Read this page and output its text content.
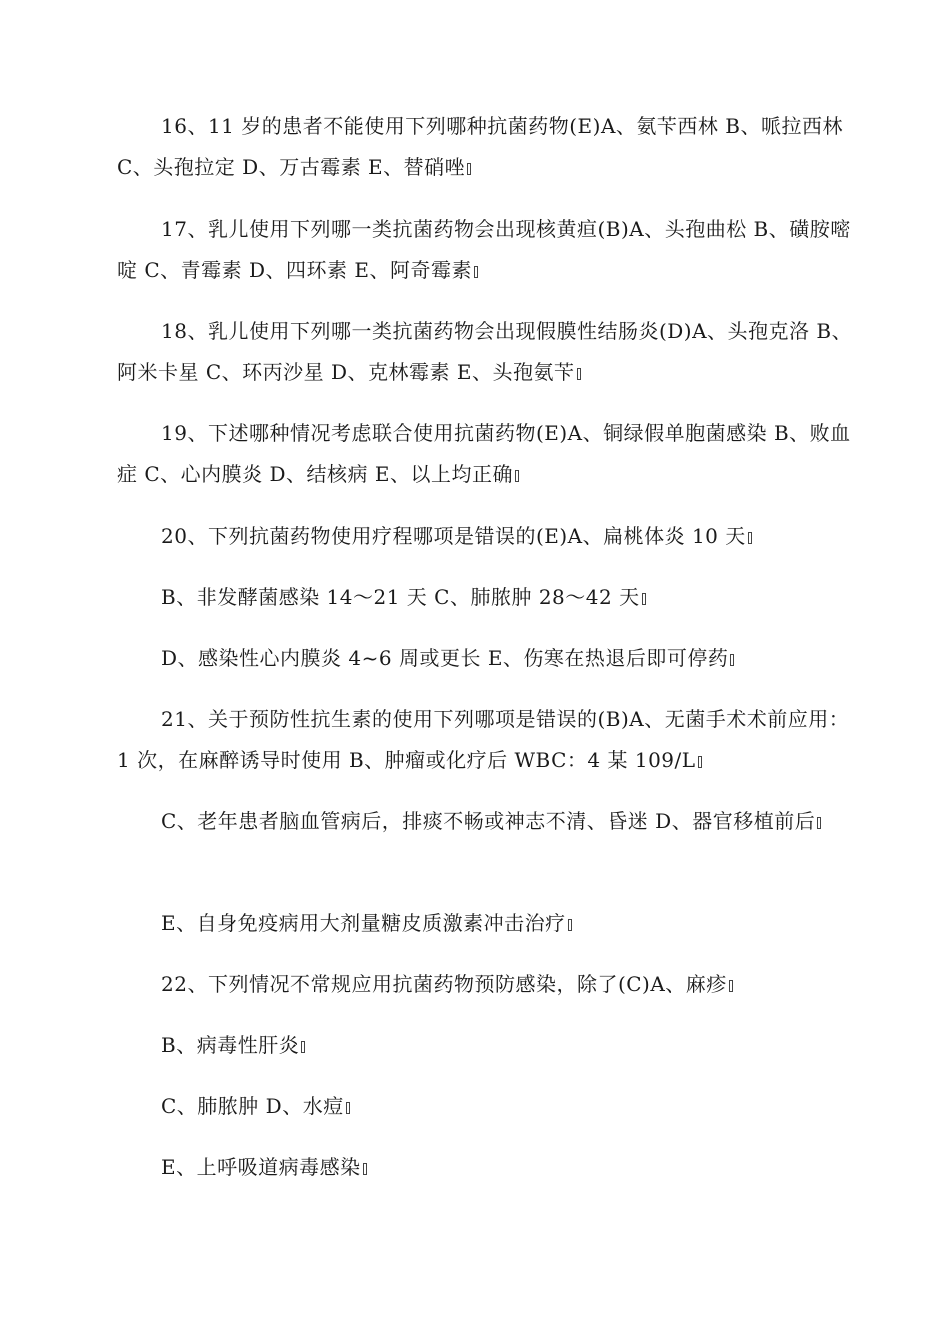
16、11 岁的患者不能使用下列哪种抗菌药物(E)A、氨苄西林 B、哌拉西林 C、头孢拉定 D、万古霉素 E、替硝唑

17、乳儿使用下列哪一类抗菌药物会出现核黄疸(B)A、头孢曲松 B、磺胺嘧啶 C、青霉素 D、四环素 E、阿奇霉素

18、乳儿使用下列哪一类抗菌药物会出现假膜性结肠炎(D)A、头孢克洛 B、阿米卡星 C、环丙沙星 D、克林霉素 E、头孢氨苄

19、下述哪种情况考虑联合使用抗菌药物(E)A、铜绿假单胞菌感染 B、败血症 C、心内膜炎 D、结核病 E、以上均正确

20、下列抗菌药物使用疗程哪项是错误的(E)A、扁桃体炎 10 天

B、非发酵菌感染 14～21 天 C、肺脓肿 28～42 天

D、感染性心内膜炎 4~6 周或更长 E、伤寒在热退后即可停药

21、关于预防性抗生素的使用下列哪项是错误的(B)A、无菌手术术前应用：1 次，在麻醉诱导时使用 B、肿瘤或化疗后 WBC：4 某 109/L

C、老年患者脑血管病后，排痰不畅或神志不清、昏迷 D、器官移植前后

E、自身免疫病用大剂量糖皮质激素冲击治疗

22、下列情况不常规应用抗菌药物预防感染，除了(C)A、麻疹

B、病毒性肝炎

C、肺脓肿 D、水痘

E、上呼吸道病毒感染
